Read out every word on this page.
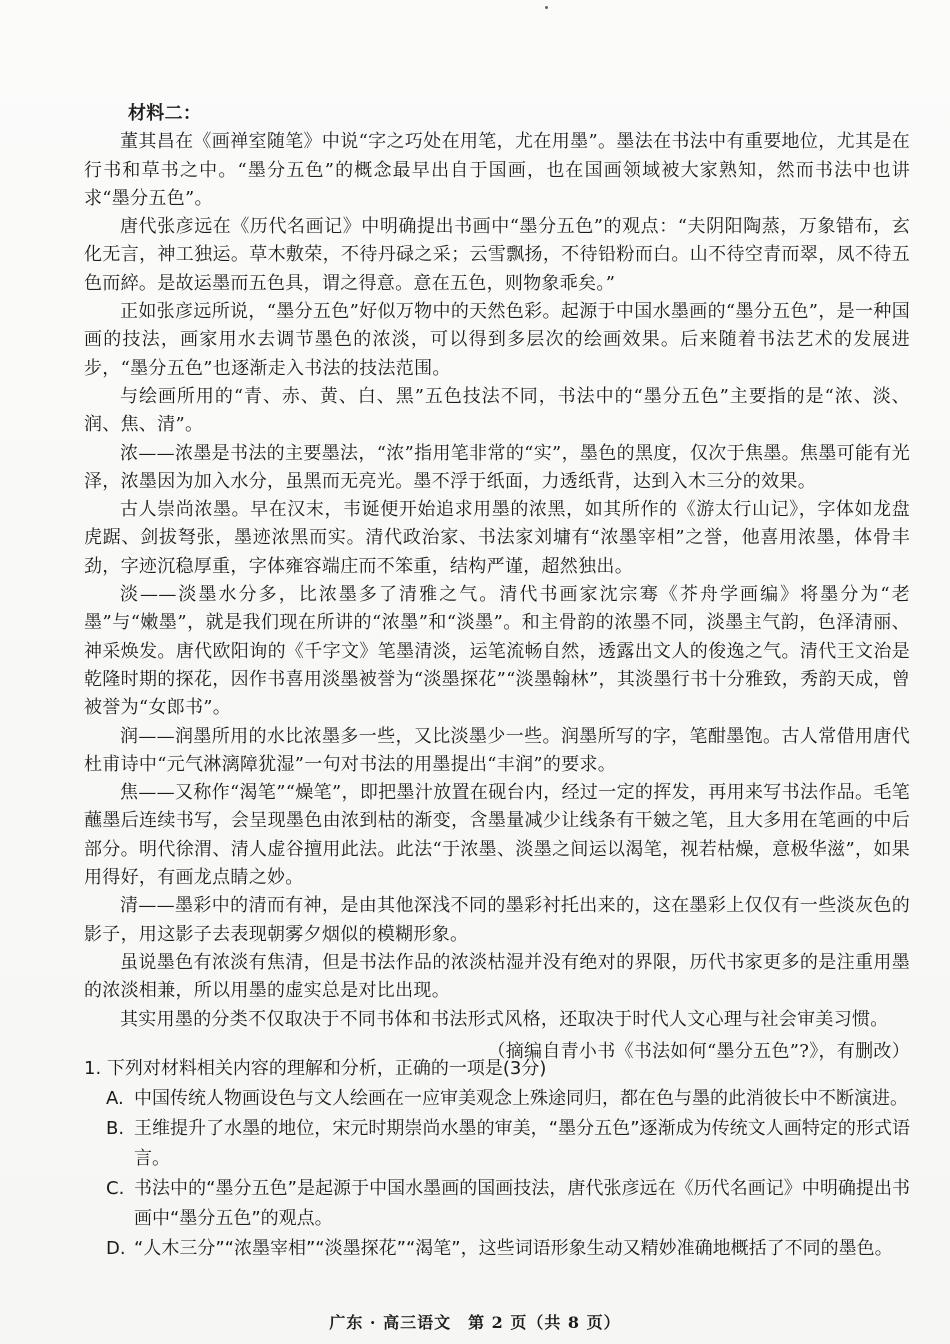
材料二：

董其昌在《画禅室随笔》中说“字之巧处在用笔，尤在用墨”。墨法在书法中有重要地位，尤其是在行书和草书之中。“墨分五色”的概念最早出自于国画，也在国画领域被大家熟知，然而书法中也讲求“墨分五色”。

唐代张彦远在《历代名画记》中明确提出书画中“墨分五色”的观点：“夫阴阳陶蒸，万象错布，玄化无言，神工独运。草木敷荣，不待丹碌之采；云雪飘扬，不待铅粉而白。山不待空青而翠，凤不待五色而綷。是故运墨而五色具，谓之得意。意在五色，则物象乖矣。”

正如张彦远所说，“墨分五色”好似万物中的天然色彩。起源于中国水墨画的“墨分五色”，是一种国画的技法，画家用水去调节墨色的浓淡，可以得到多层次的绘画效果。后来随着书法艺术的发展进步，“墨分五色”也逐渐走入书法的技法范围。

与绘画所用的“青、赤、黄、白、黑”五色技法不同，书法中的“墨分五色”主要指的是“浓、淡、润、焦、清”。

浓——浓墨是书法的主要墨法，“浓”指用笔非常的“实”，墨色的黑度，仅次于焦墨。焦墨可能有光泽，浓墨因为加入水分，虽黑而无亮光。墨不浮于纸面，力透纸背，达到入木三分的效果。

古人崇尚浓墨。早在汉末，韦诞便开始追求用墨的浓黑，如其所作的《游太行山记》，字体如龙盘虎踞、剑拔弩张，墨迹浓黑而实。清代政治家、书法家刘墉有“浓墨宰相”之誉，他喜用浓墨，体骨丰劲，字迹沉稳厚重，字体雍容端庄而不笨重，结构严谨，超然独出。

淡——淡墨水分多，比浓墨多了清雅之气。清代书画家沈宗骞《芥舟学画编》将墨分为“老墨”与“嫩墨”，就是我们现在所讲的“浓墨”和“淡墨”。和主骨韵的浓墨不同，淡墨主气韵，色泽清丽、神采焕发。唐代欧阳询的《千字文》笔墨清淡，运笔流畅自然，透露出文人的俊逸之气。清代王文治是乾隆时期的探花，因作书喜用淡墨被誉为“淡墨探花”“淡墨翰林”，其淡墨行书十分雅致，秀韵天成，曾被誉为“女郎书”。

润——润墨所用的水比浓墨多一些，又比淡墨少一些。润墨所写的字，笔酣墨饱。古人常借用唐代杜甫诗中“元气淋漓障犹湿”一句对书法的用墨提出“丰润”的要求。

焦——又称作“渴笔”“燥笔”，即把墨汁放置在砚台内，经过一定的挥发，再用来写书法作品。毛笔蘸墨后连续书写，会呈现墨色由浓到枯的渐变，含墨量减少让线条有干皴之笔，且大多用在笔画的中后部分。明代徐渭、清人虚谷擅用此法。此法“于浓墨、淡墨之间运以渴笔，视若枯燥，意极华滋”，如果用得好，有画龙点睛之妙。

清——墨彩中的清而有神，是由其他深浅不同的墨彩衬托出来的，这在墨彩上仅仅有一些淡灰色的影子，用这影子去表现朝雾夕烟似的模糊形象。

虽说墨色有浓淡有焦清，但是书法作品的浓淡枯湿并没有绝对的界限，历代书家更多的是注重用墨的浓淡相兼，所以用墨的虚实总是对比出现。

其实用墨的分类不仅取决于不同书体和书法形式风格，还取决于时代人文心理与社会审美习惯。

（摘编自青小书《书法如何“墨分五色”?》，有删改）

1. 下列对材料相关内容的理解和分析，正确的一项是(3分)

A. 中国传统人物画设色与文人绘画在一应审美观念上殊途同归，都在色与墨的此消彼长中不断演进。
B. 王维提升了水墨的地位，宋元时期崇尚水墨的审美，“墨分五色”逐渐成为传统文人画特定的形式语言。
C. 书法中的“墨分五色”是起源于中国水墨画的国画技法，唐代张彦远在《历代名画记》中明确提出书画中“墨分五色”的观点。
D. “人木三分”“浓墨宰相”“淡墨探花”“渴笔”，这些词语形象生动又精妙准确地概括了不同的墨色。
广东 · 高三语文　第 2 页（共 8 页）
